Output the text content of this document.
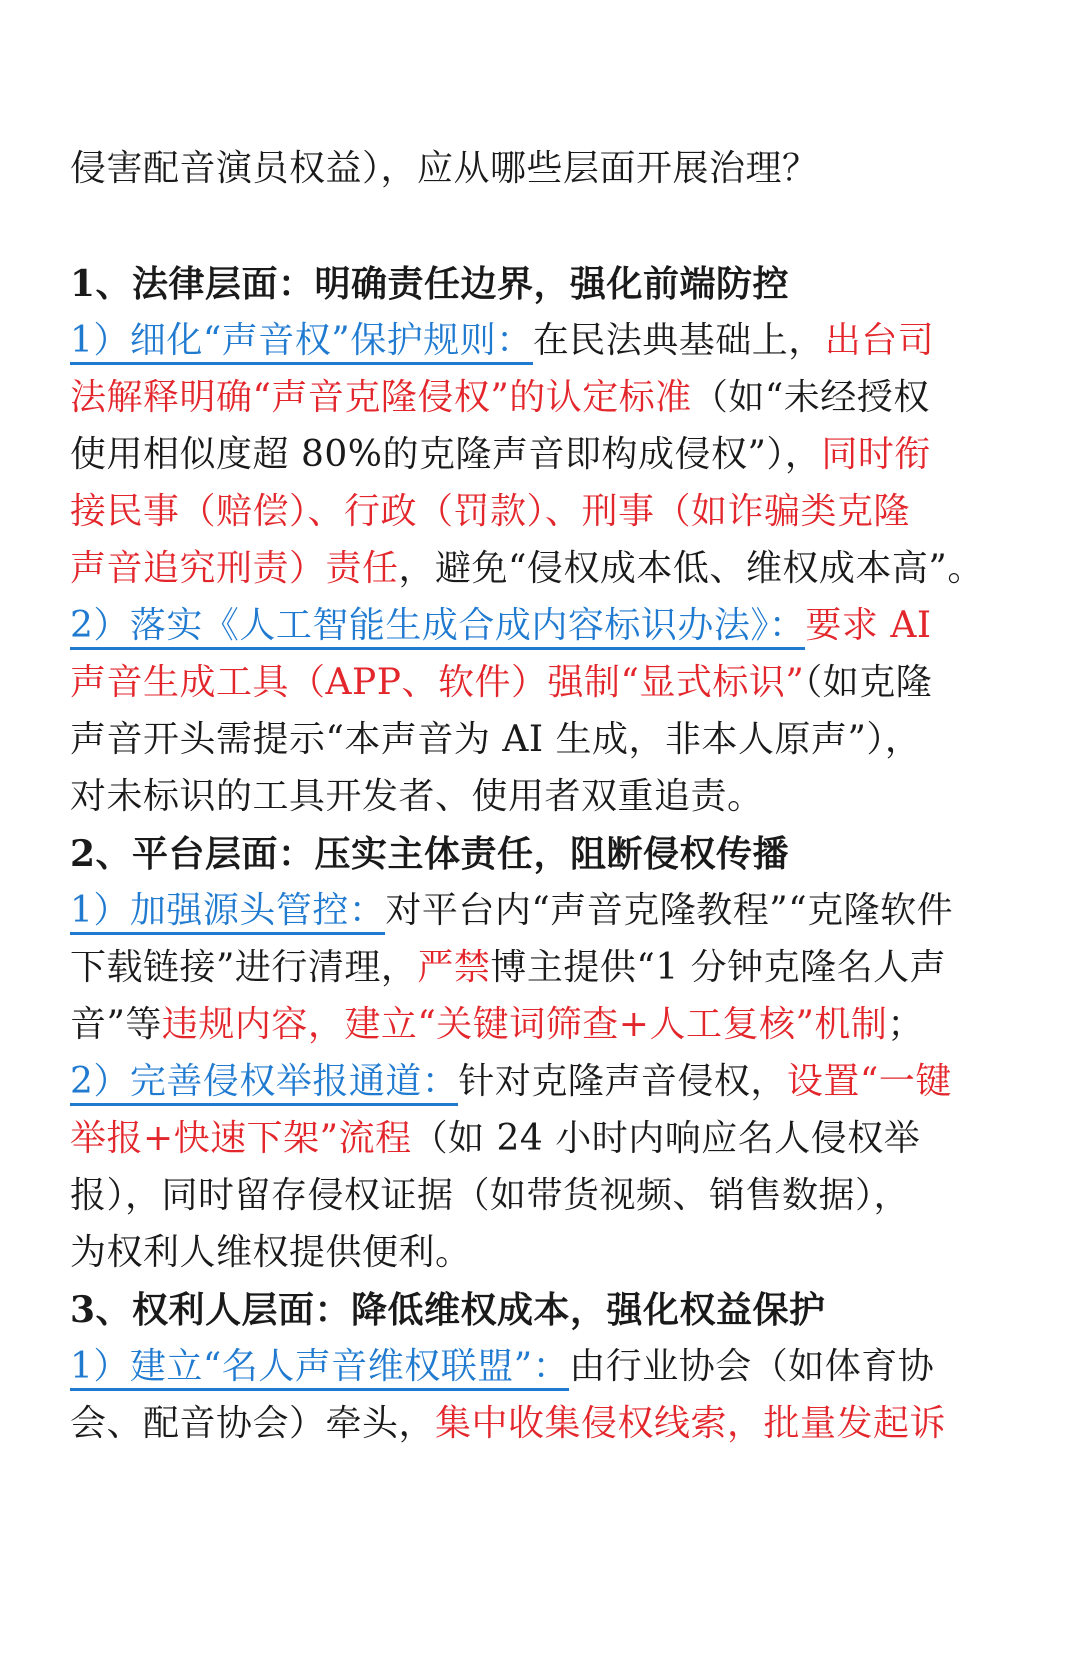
侵害配音演员权益），应从哪些层面开展治理？
1、法律层面：明确责任边界，强化前端防控
1）细化“声音权”保护规则：在民法典基础上，出台司
法解释明确“声音克隆侵权”的认定标准（如“未经授权
使用相似度超 80%的克隆声音即构成侵权”），同时衔
接民事（赔偿）、行政（罚款）、刑事（如诈骗类克隆
声音追究刑责）责任，避免“侵权成本低、维权成本高”。
2）落实《人工智能生成合成内容标识办法》：要求 AI
声音生成工具（APP、软件）强制“显式标识”（如克隆
声音开头需提示“本声音为 AI 生成，非本人原声”），
对未标识的工具开发者、使用者双重追责。
2、平台层面：压实主体责任，阻断侵权传播
1）加强源头管控：对平台内“声音克隆教程”“克隆软件
下载链接”进行清理，严禁博主提供“1 分钟克隆名人声
音”等违规内容，建立“关键词筛查+人工复核”机制；
2）完善侵权举报通道：针对克隆声音侵权，设置“一键
举报+快速下架”流程（如 24 小时内响应名人侵权举
报），同时留存侵权证据（如带货视频、销售数据），
为权利人维权提供便利。
3、权利人层面：降低维权成本，强化权益保护
1）建立“名人声音维权联盟”：由行业协会（如体育协
会、配音协会）牵头，集中收集侵权线索，批量发起诉
